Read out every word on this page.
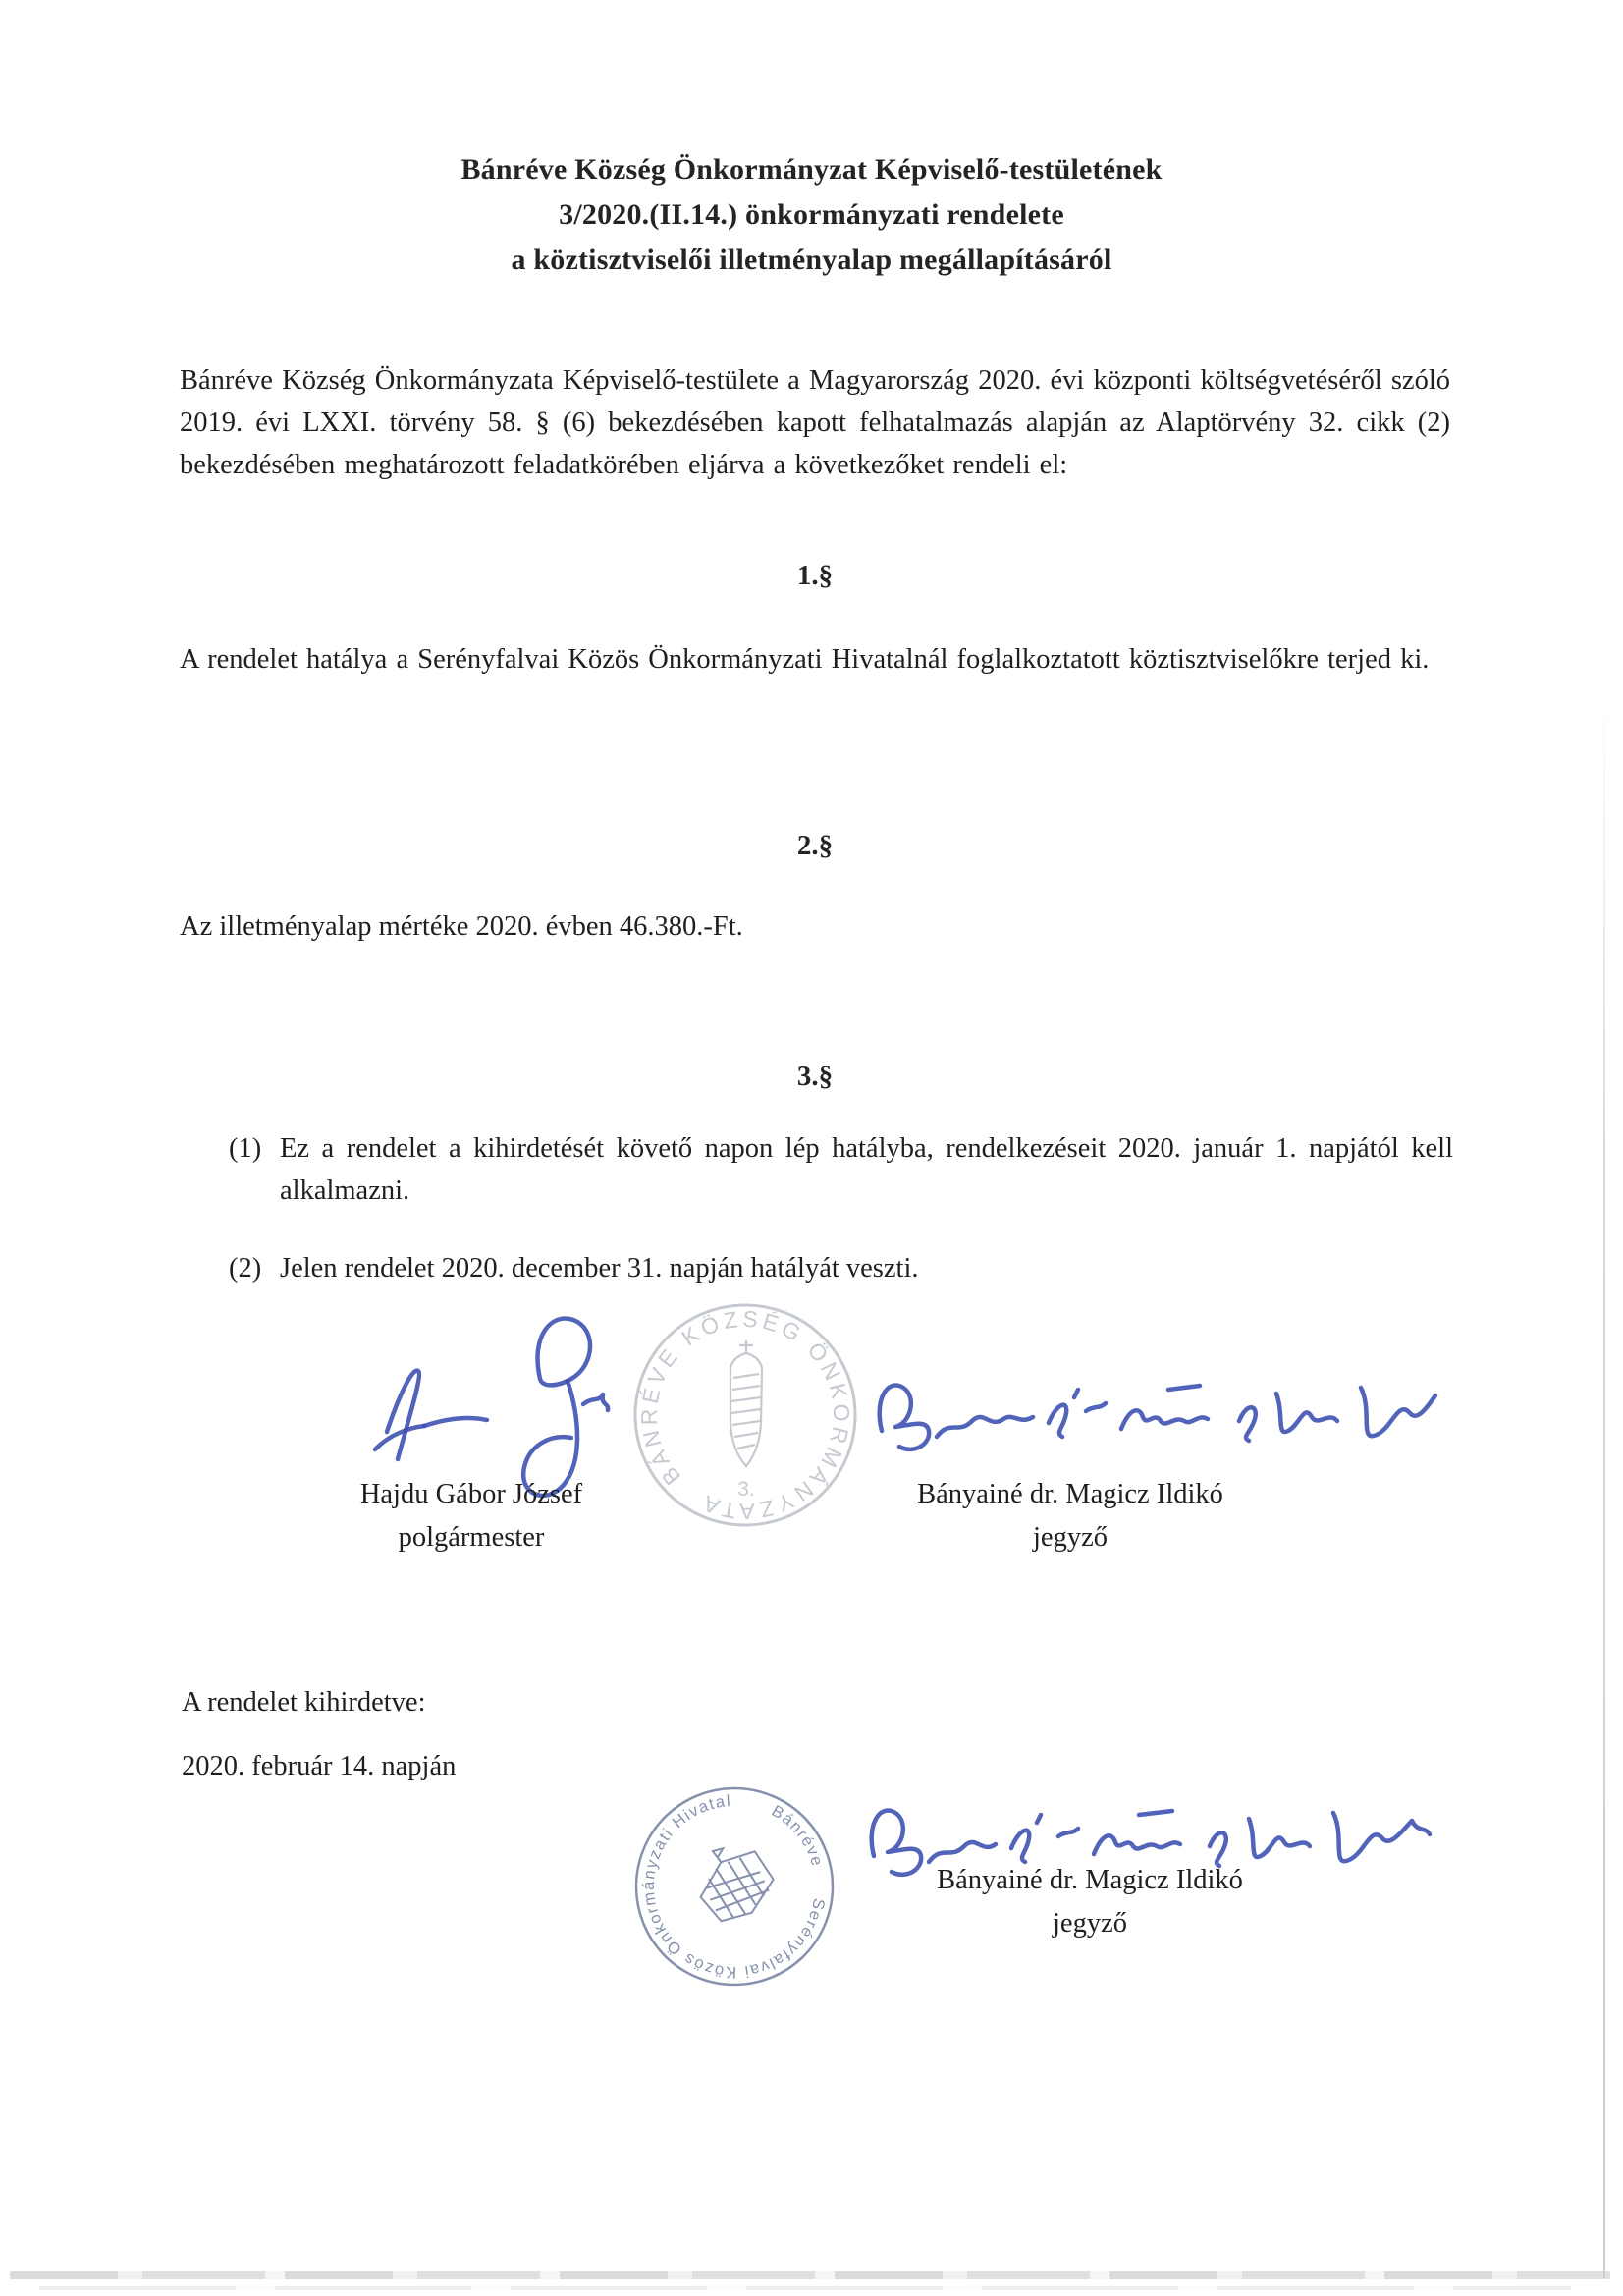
Bánréve Község Önkormányzat Képviselő-testületének
3/2020.(II.14.) önkormányzati rendelete
a köztisztviselői illetményalap megállapításáról
Bánréve Község Önkormányzata Képviselő-testülete a Magyarország 2020. évi központi költségvetéséről szóló 2019. évi LXXI. törvény 58. § (6) bekezdésében kapott felhatalmazás alapján az Alaptörvény 32. cikk (2) bekezdésében meghatározott feladatkörében eljárva a következőket rendeli el:
1.§
A rendelet hatálya a Serényfalvai Közös Önkormányzati Hivatalnál foglalkoztatott köztisztviselőkre terjed ki.
2.§
Az illetményalap mértéke 2020. évben 46.380.-Ft.
3.§
(1) Ez a rendelet a kihirdetését követő napon lép hatályba, rendelkezéseit 2020. január 1. napjától kell alkalmazni.
(2) Jelen rendelet 2020. december 31. napján hatályát veszti.
BÁNRÉVE KÖZSÉG ÖNKORMÁNYZATA 3.
Hajdu Gábor József
polgármester
Bányainé dr. Magicz Ildikó
jegyző
A rendelet kihirdetve:
2020. február 14. napján
Serényfalvai Közös Önkormányzati Hivatal
Bánréve
Bányainé dr. Magicz Ildikó
jegyző
